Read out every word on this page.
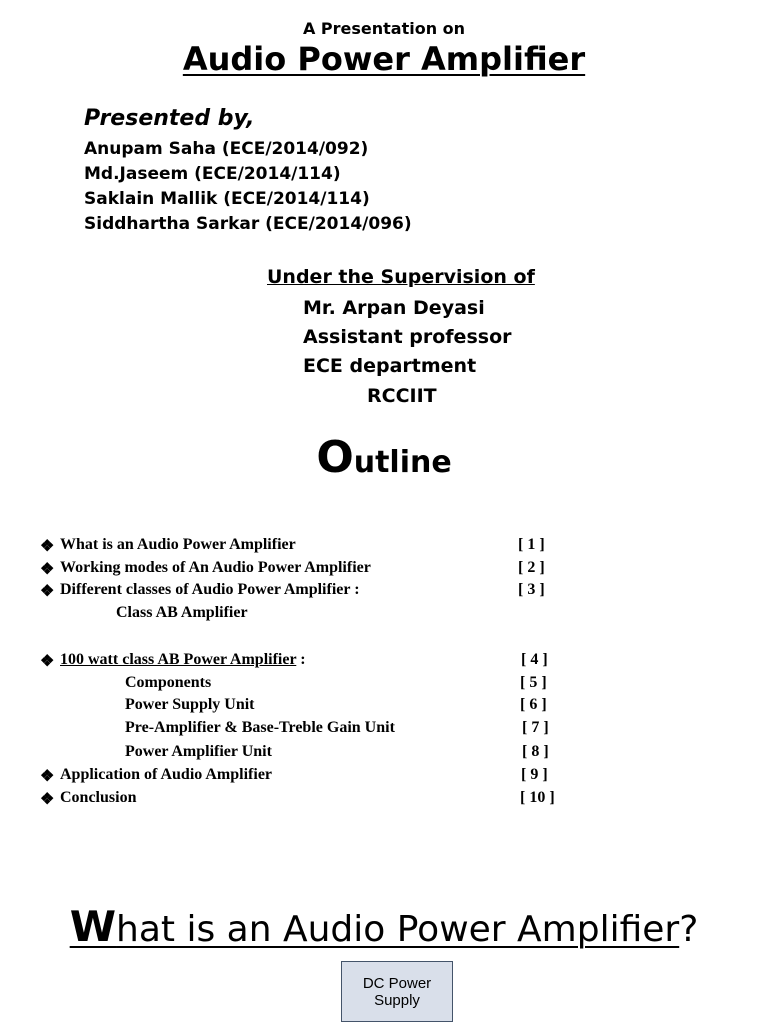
A Presentation on
Audio Power Amplifier
Presented by,
Anupam Saha (ECE/2014/092)
Md.Jaseem (ECE/2014/114)
Saklain Mallik (ECE/2014/114)
Siddhartha Sarkar (ECE/2014/096)
Under the Supervision of
Mr. Arpan Deyasi
Assistant professor
ECE department
RCCIIT
Outline
❖ What is an Audio Power Amplifier	[ 1 ]
❖ Working modes of An Audio Power Amplifier	[ 2 ]
❖ Different classes of Audio Power Amplifier :	[ 3 ]
Class AB Amplifier
❖ 100 watt class AB Power Amplifier :	[ 4 ]
Components	[ 5 ]
Power Supply Unit	[ 6 ]
Pre-Amplifier & Base-Treble Gain Unit	[ 7 ]
Power Amplifier Unit	[ 8 ]
❖ Application of Audio Amplifier	[ 9 ]
❖ Conclusion	[ 10 ]
What is an Audio Power Amplifier?
DC Power Supply
